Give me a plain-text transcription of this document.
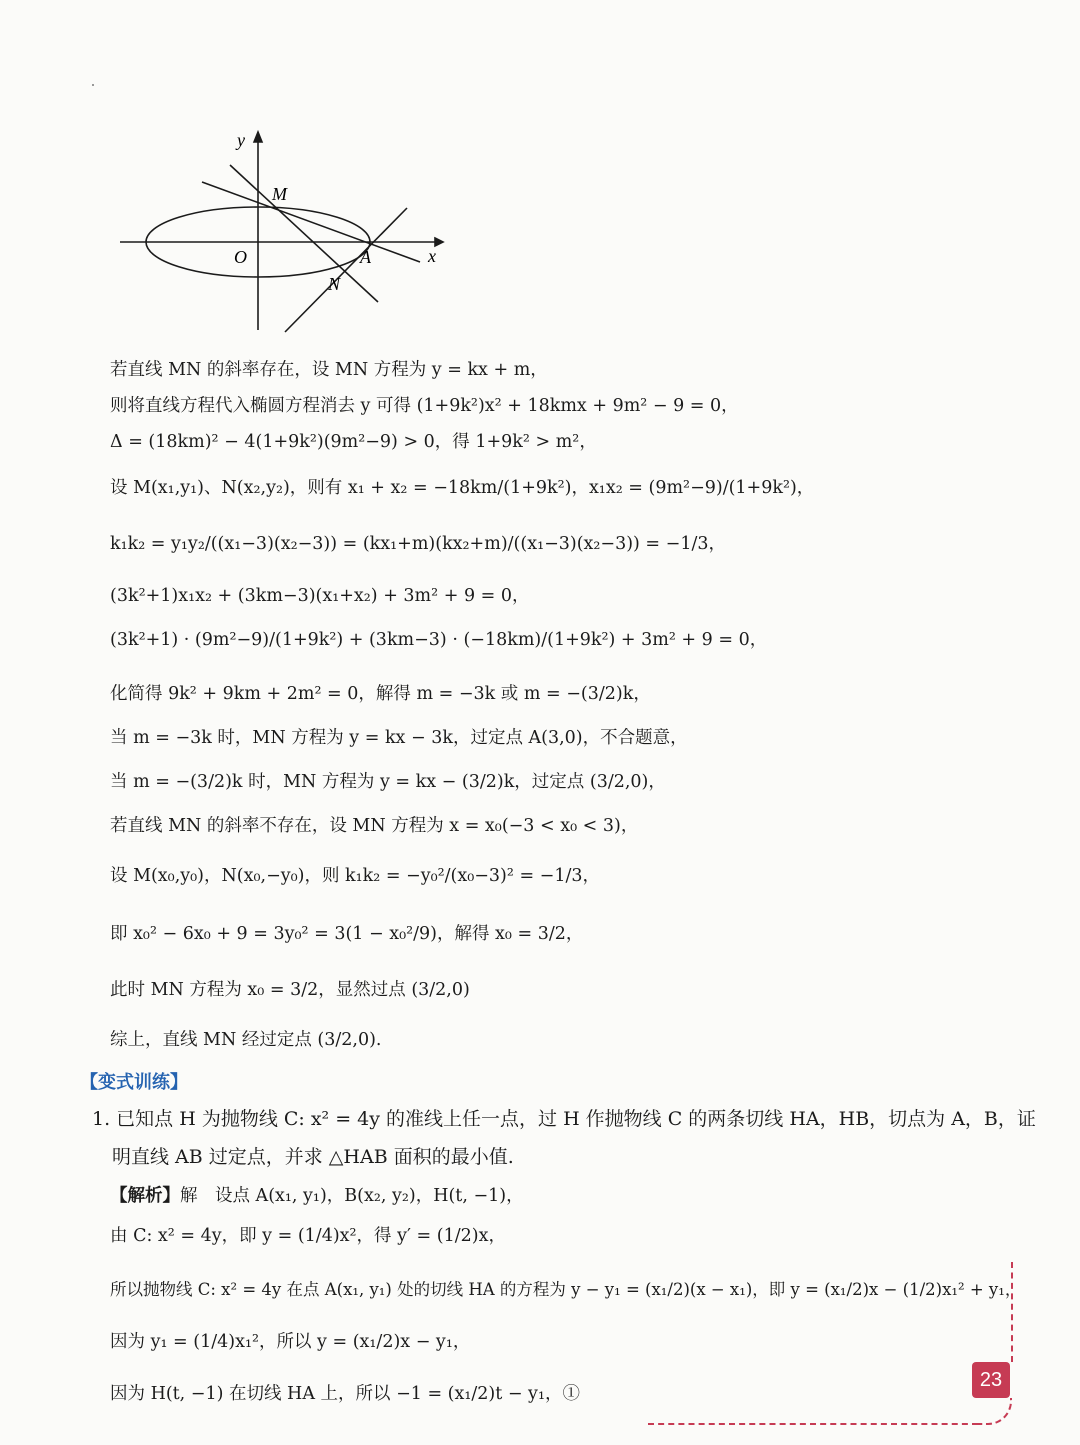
y
x
O
M
A
N
若直线 MN 的斜率存在，设 MN 方程为 y = kx + m，
则将直线方程代入椭圆方程消去 y 可得 (1+9k²)x² + 18kmx + 9m² − 9 = 0，
Δ = (18km)² − 4(1+9k²)(9m²−9) > 0，得 1+9k² > m²，
设 M(x₁,y₁)、N(x₂,y₂)，则有 x₁ + x₂ = −18km/(1+9k²)，x₁x₂ = (9m²−9)/(1+9k²)，
k₁k₂ = y₁y₂/((x₁−3)(x₂−3)) = (kx₁+m)(kx₂+m)/((x₁−3)(x₂−3)) = −1/3，
(3k²+1)x₁x₂ + (3km−3)(x₁+x₂) + 3m² + 9 = 0，
(3k²+1) · (9m²−9)/(1+9k²) + (3km−3) · (−18km)/(1+9k²) + 3m² + 9 = 0，
化简得 9k² + 9km + 2m² = 0，解得 m = −3k 或 m = −(3/2)k，
当 m = −3k 时，MN 方程为 y = kx − 3k，过定点 A(3,0)，不合题意，
当 m = −(3/2)k 时，MN 方程为 y = kx − (3/2)k，过定点 (3/2,0)，
若直线 MN 的斜率不存在，设 MN 方程为 x = x₀(−3 < x₀ < 3)，
设 M(x₀,y₀)，N(x₀,−y₀)，则 k₁k₂ = −y₀²/(x₀−3)² = −1/3，
即 x₀² − 6x₀ + 9 = 3y₀² = 3(1 − x₀²/9)，解得 x₀ = 3/2，
此时 MN 方程为 x₀ = 3/2，显然过点 (3/2,0)
综上，直线 MN 经过定点 (3/2,0).
【变式训练】
1. 已知点 H 为抛物线 C: x² = 4y 的准线上任一点，过 H 作抛物线 C 的两条切线 HA，HB，切点为 A，B，证
明直线 AB 过定点，并求 △HAB 面积的最小值.
【解析】解　设点 A(x₁, y₁)，B(x₂, y₂)，H(t, −1)，
由 C: x² = 4y，即 y = (1/4)x²，得 y′ = (1/2)x，
所以抛物线 C: x² = 4y 在点 A(x₁, y₁) 处的切线 HA 的方程为 y − y₁ = (x₁/2)(x − x₁)，即 y = (x₁/2)x − (1/2)x₁² + y₁，
因为 y₁ = (1/4)x₁²，所以 y = (x₁/2)x − y₁，
因为 H(t, −1) 在切线 HA 上，所以 −1 = (x₁/2)t − y₁，①
23
